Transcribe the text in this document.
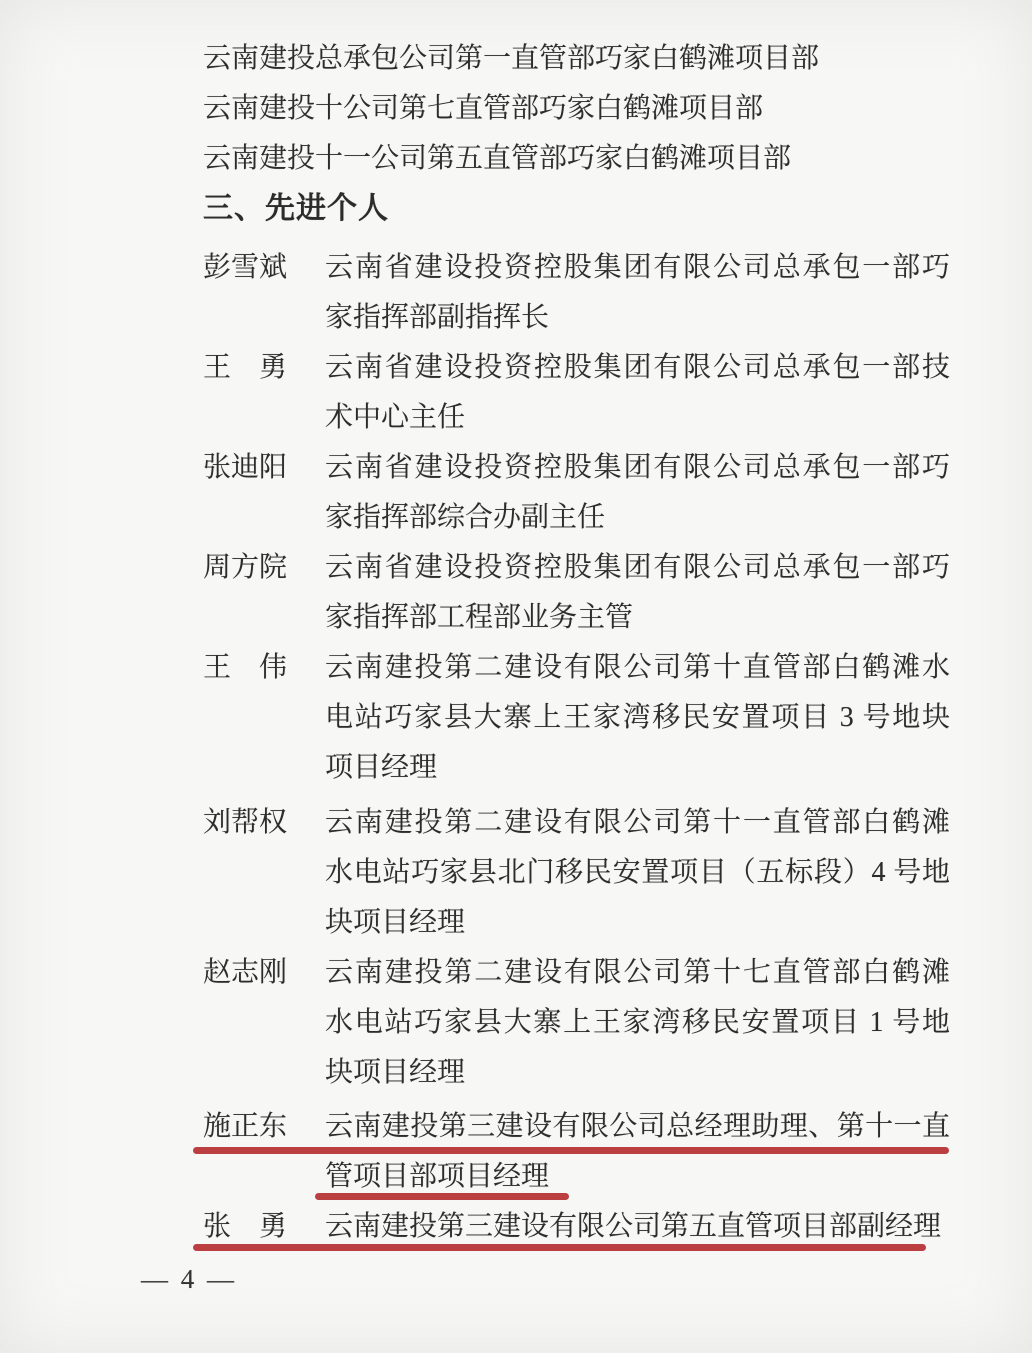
云南建投总承包公司第一直管部巧家白鹤滩项目部
云南建投十公司第七直管部巧家白鹤滩项目部
云南建投十一公司第五直管部巧家白鹤滩项目部
三、先进个人
彭雪斌 云南省建设投资控股集团有限公司总承包一部巧
家指挥部副指挥长
王　勇 云南省建设投资控股集团有限公司总承包一部技
术中心主任
张迪阳 云南省建设投资控股集团有限公司总承包一部巧
家指挥部综合办副主任
周方院 云南省建设投资控股集团有限公司总承包一部巧
家指挥部工程部业务主管
王　伟 云南建投第二建设有限公司第十直管部白鹤滩水
电站巧家县大寨上王家湾移民安置项目 3 号地块
项目经理
刘帮权 云南建投第二建设有限公司第十一直管部白鹤滩
水电站巧家县北门移民安置项目（五标段）4 号地
块项目经理
赵志刚 云南建投第二建设有限公司第十七直管部白鹤滩
水电站巧家县大寨上王家湾移民安置项目 1 号地
块项目经理
施正东 云南建投第三建设有限公司总经理助理、第十一直
管项目部项目经理
张　勇 云南建投第三建设有限公司第五直管项目部副经理
— 4 —
